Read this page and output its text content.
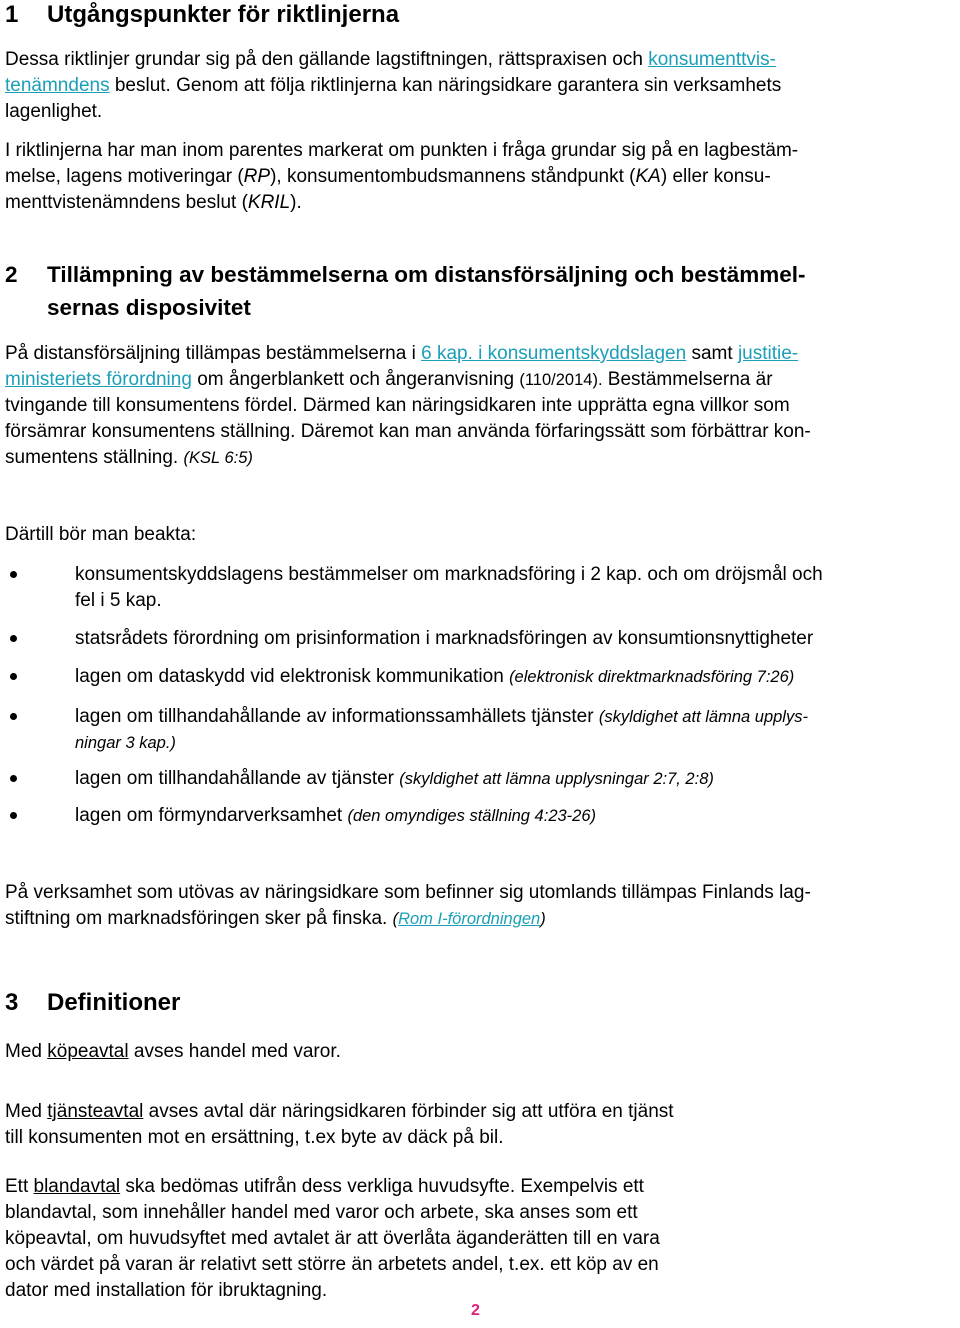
1 Utgångspunkter för riktlinjerna
Dessa riktlinjer grundar sig på den gällande lagstiftningen, rättspraxisen och konsumenttvis-
tenämndens beslut. Genom att följa riktlinjerna kan näringsidkare garantera sin verksamhets
lagenlighet.
I riktlinjerna har man inom parentes markerat om punkten i fråga grundar sig på en lagbestäm-
melse, lagens motiveringar (RP), konsumentombudsmannens ståndpunkt (KA) eller konsu-
menttvistenämndens beslut (KRIL).
2	Tillämpning av bestämmelserna om distansförsäljning och bestämmel-
sernas disposivitet
På distansförsäljning tillämpas bestämmelserna i 6 kap. i konsumentskyddslagen samt justitie-
ministeriets förordning om ångerblankett och ångeranvisning (110/2014). Bestämmelserna är
tvingande till konsumentens fördel. Därmed kan näringsidkaren inte upprätta egna villkor som
försämrar konsumentens ställning. Däremot kan man använda förfaringssätt som förbättrar kon-
sumentens ställning. (KSL 6:5)
Därtill bör man beakta:
konsumentskyddslagens bestämmelser om marknadsföring i 2 kap. och om dröjsmål och
fel i 5 kap.
statsrådets förordning om prisinformation i marknadsföringen av konsumtionsnyttigheter
lagen om dataskydd vid elektronisk kommunikation (elektronisk direktmarknadsföring 7:26)
lagen om tillhandahållande av informationssamhällets tjänster (skyldighet att lämna upplys-
ningar 3 kap.)
lagen om tillhandahållande av tjänster (skyldighet att lämna upplysningar 2:7, 2:8)
lagen om förmyndarverksamhet (den omyndiges ställning 4:23-26)
På verksamhet som utövas av näringsidkare som befinner sig utomlands tillämpas Finlands lag-
stiftning om marknadsföringen sker på finska. (Rom I-förordningen)
3 Definitioner
Med köpeavtal avses handel med varor.
Med tjänsteavtal avses avtal där näringsidkaren förbinder sig att utföra en tjänst
till konsumenten mot en ersättning, t.ex byte av däck på bil.
Ett blandavtal ska bedömas utifrån dess verkliga huvudsyfte. Exempelvis ett
blandavtal, som innehåller handel med varor och arbete, ska anses som ett
köpeavtal, om huvudsyftet med avtalet är att överlåta äganderätten till en vara
och värdet på varan är relativt sett större än arbetets andel, t.ex. ett köp av en
dator med installation för ibruktagning.
2
